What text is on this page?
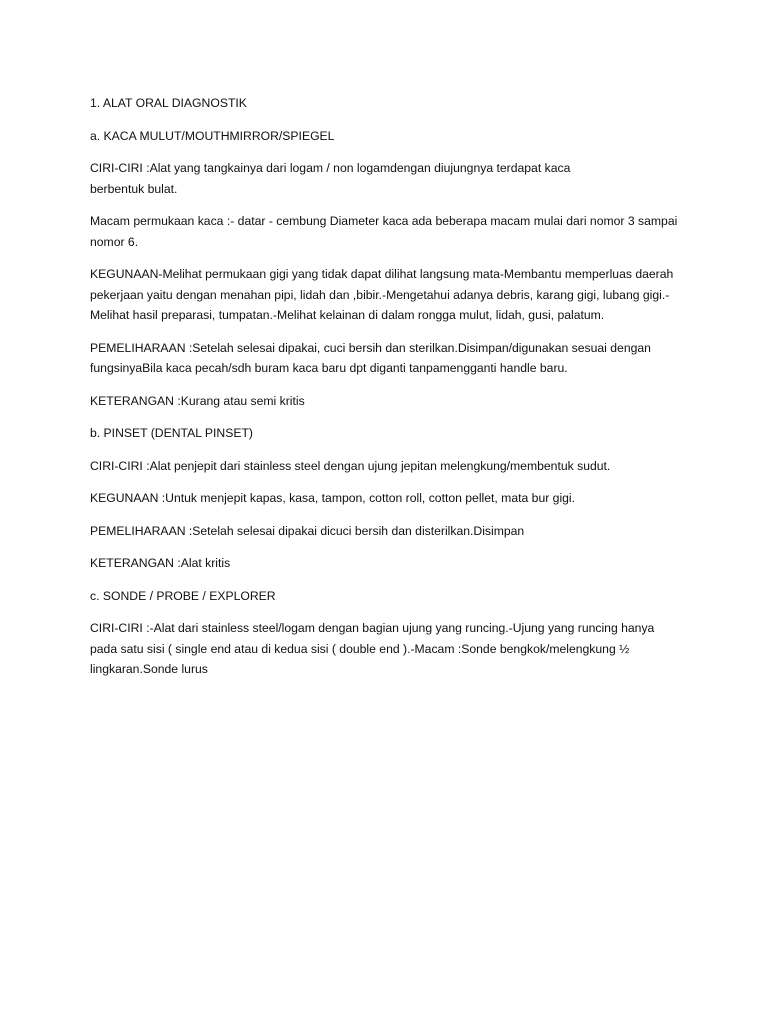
1. ALAT ORAL DIAGNOSTIK

a. KACA MULUT/MOUTHMIRROR/SPIEGEL

CIRI-CIRI :Alat yang tangkainya dari logam / non logamdengan diujungnya terdapat kaca
berbentuk bulat.

Macam permukaan kaca :- datar - cembung Diameter kaca ada beberapa macam mulai dari nomor 3 sampai nomor 6.

KEGUNAAN-Melihat permukaan gigi yang tidak dapat dilihat langsung mata-Membantu memperluas daerah pekerjaan yaitu dengan menahan pipi, lidah dan ,bibir.-Mengetahui adanya debris, karang gigi, lubang gigi.-Melihat hasil preparasi, tumpatan.-Melihat kelainan di dalam rongga mulut, lidah, gusi, palatum.

PEMELIHARAAN :Setelah selesai dipakai, cuci bersih dan sterilkan.Disimpan/digunakan sesuai dengan fungsinyaBila kaca pecah/sdh buram kaca baru dpt diganti tanpamengganti handle baru.

KETERANGAN :Kurang atau semi kritis

b. PINSET (DENTAL PINSET)

CIRI-CIRI :Alat penjepit dari stainless steel dengan ujung jepitan melengkung/membentuk sudut.

KEGUNAAN :Untuk menjepit kapas, kasa, tampon, cotton roll, cotton pellet, mata bur gigi.

PEMELIHARAAN :Setelah selesai dipakai dicuci bersih dan disterilkan.Disimpan

KETERANGAN :Alat kritis

c. SONDE / PROBE / EXPLORER

CIRI-CIRI :-Alat dari stainless steel/logam dengan bagian ujung yang runcing.-Ujung yang runcing hanya pada satu sisi ( single end atau di kedua sisi ( double end ).-Macam :Sonde bengkok/melengkung ½ lingkaran.Sonde lurus
